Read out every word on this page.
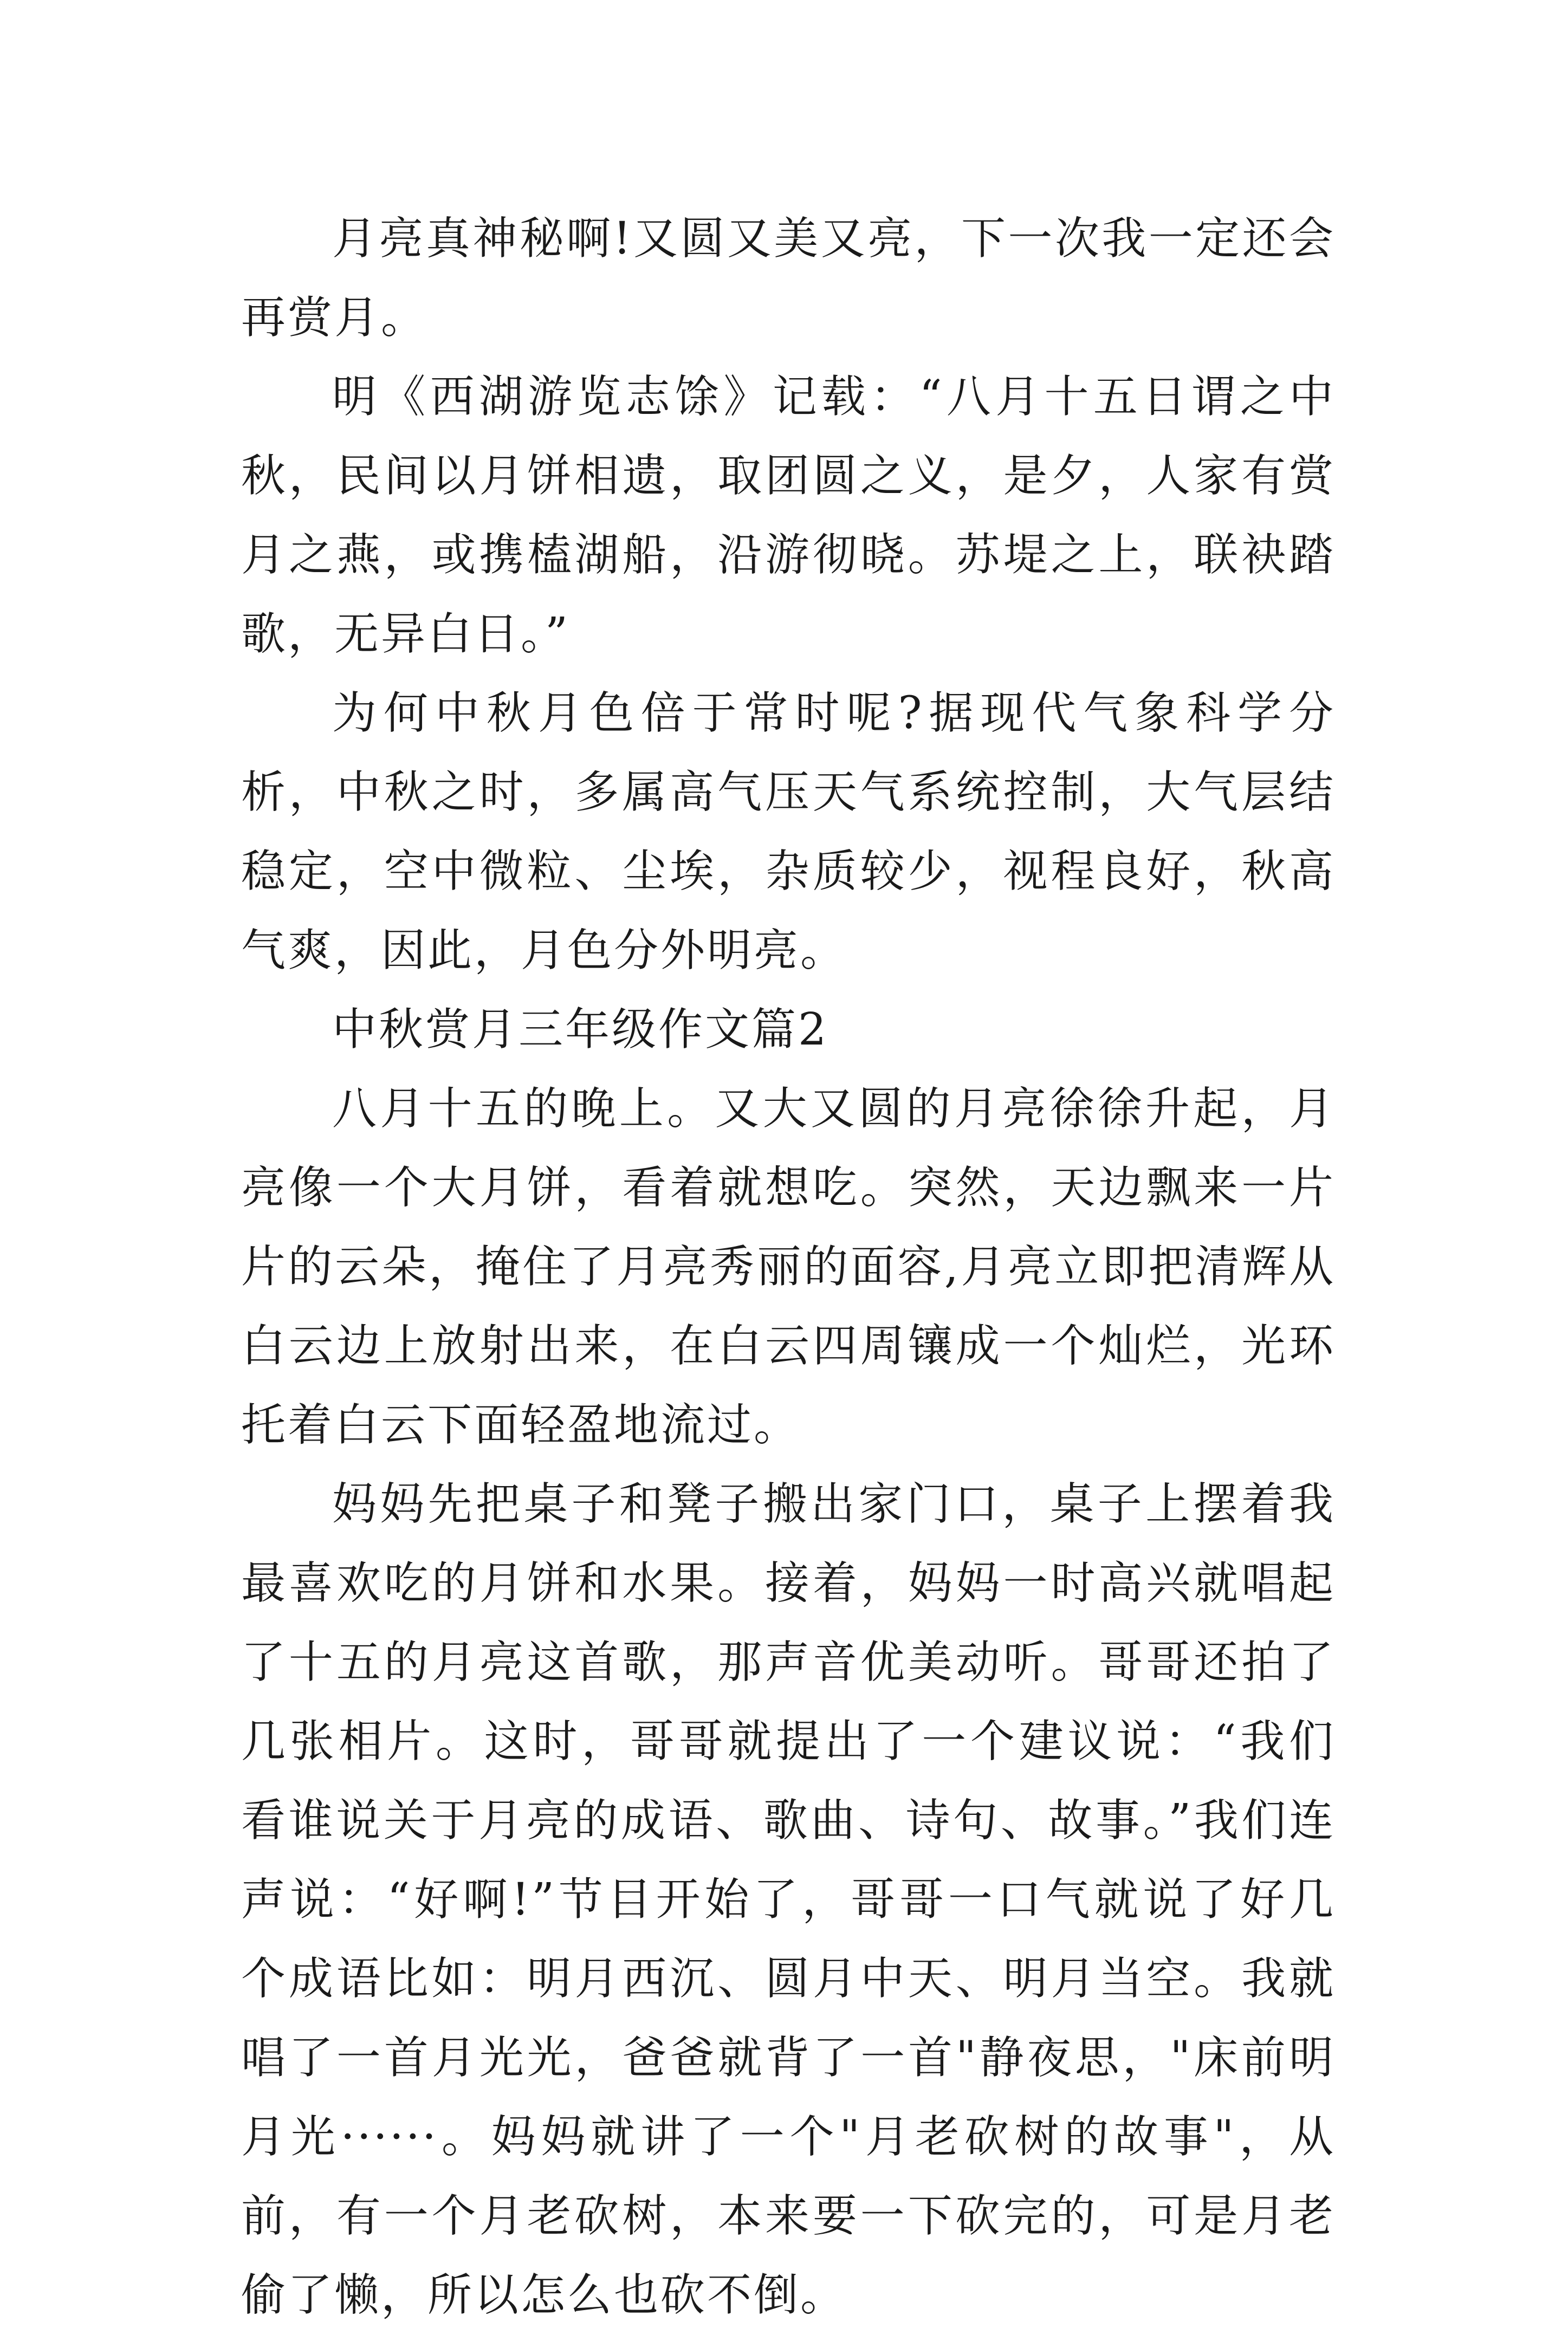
月亮真神秘啊!又圆又美又亮，下一次我一定还会再赏月。

明《西湖游览志馀》记载：“八月十五日谓之中秋，民间以月饼相遗，取团圆之义，是夕，人家有赏月之燕，或携榼湖船，沿游彻晓。苏堤之上，联袂踏歌，无异白日。”

为何中秋月色倍于常时呢?据现代气象科学分析，中秋之时，多属高气压天气系统控制，大气层结稳定，空中微粒、尘埃，杂质较少，视程良好，秋高气爽，因此，月色分外明亮。

中秋赏月三年级作文篇2

八月十五的晚上。又大又圆的月亮徐徐升起，月亮像一个大月饼，看着就想吃。突然，天边飘来一片片的云朵，掩住了月亮秀丽的面容,月亮立即把清辉从白云边上放射出来，在白云四周镶成一个灿烂，光环托着白云下面轻盈地流过。

妈妈先把桌子和凳子搬出家门口，桌子上摆着我最喜欢吃的月饼和水果。接着，妈妈一时高兴就唱起了十五的月亮这首歌，那声音优美动听。哥哥还拍了几张相片。这时，哥哥就提出了一个建议说：“我们看谁说关于月亮的成语、歌曲、诗句、故事。”我们连声说：“好啊!”节目开始了，哥哥一口气就说了好几个成语比如：明月西沉、圆月中天、明月当空。我就唱了一首月光光，爸爸就背了一首"静夜思，"床前明月光······。妈妈就讲了一个"月老砍树的故事"，从前，有一个月老砍树，本来要一下砍完的，可是月老偷了懒，所以怎么也砍不倒。
